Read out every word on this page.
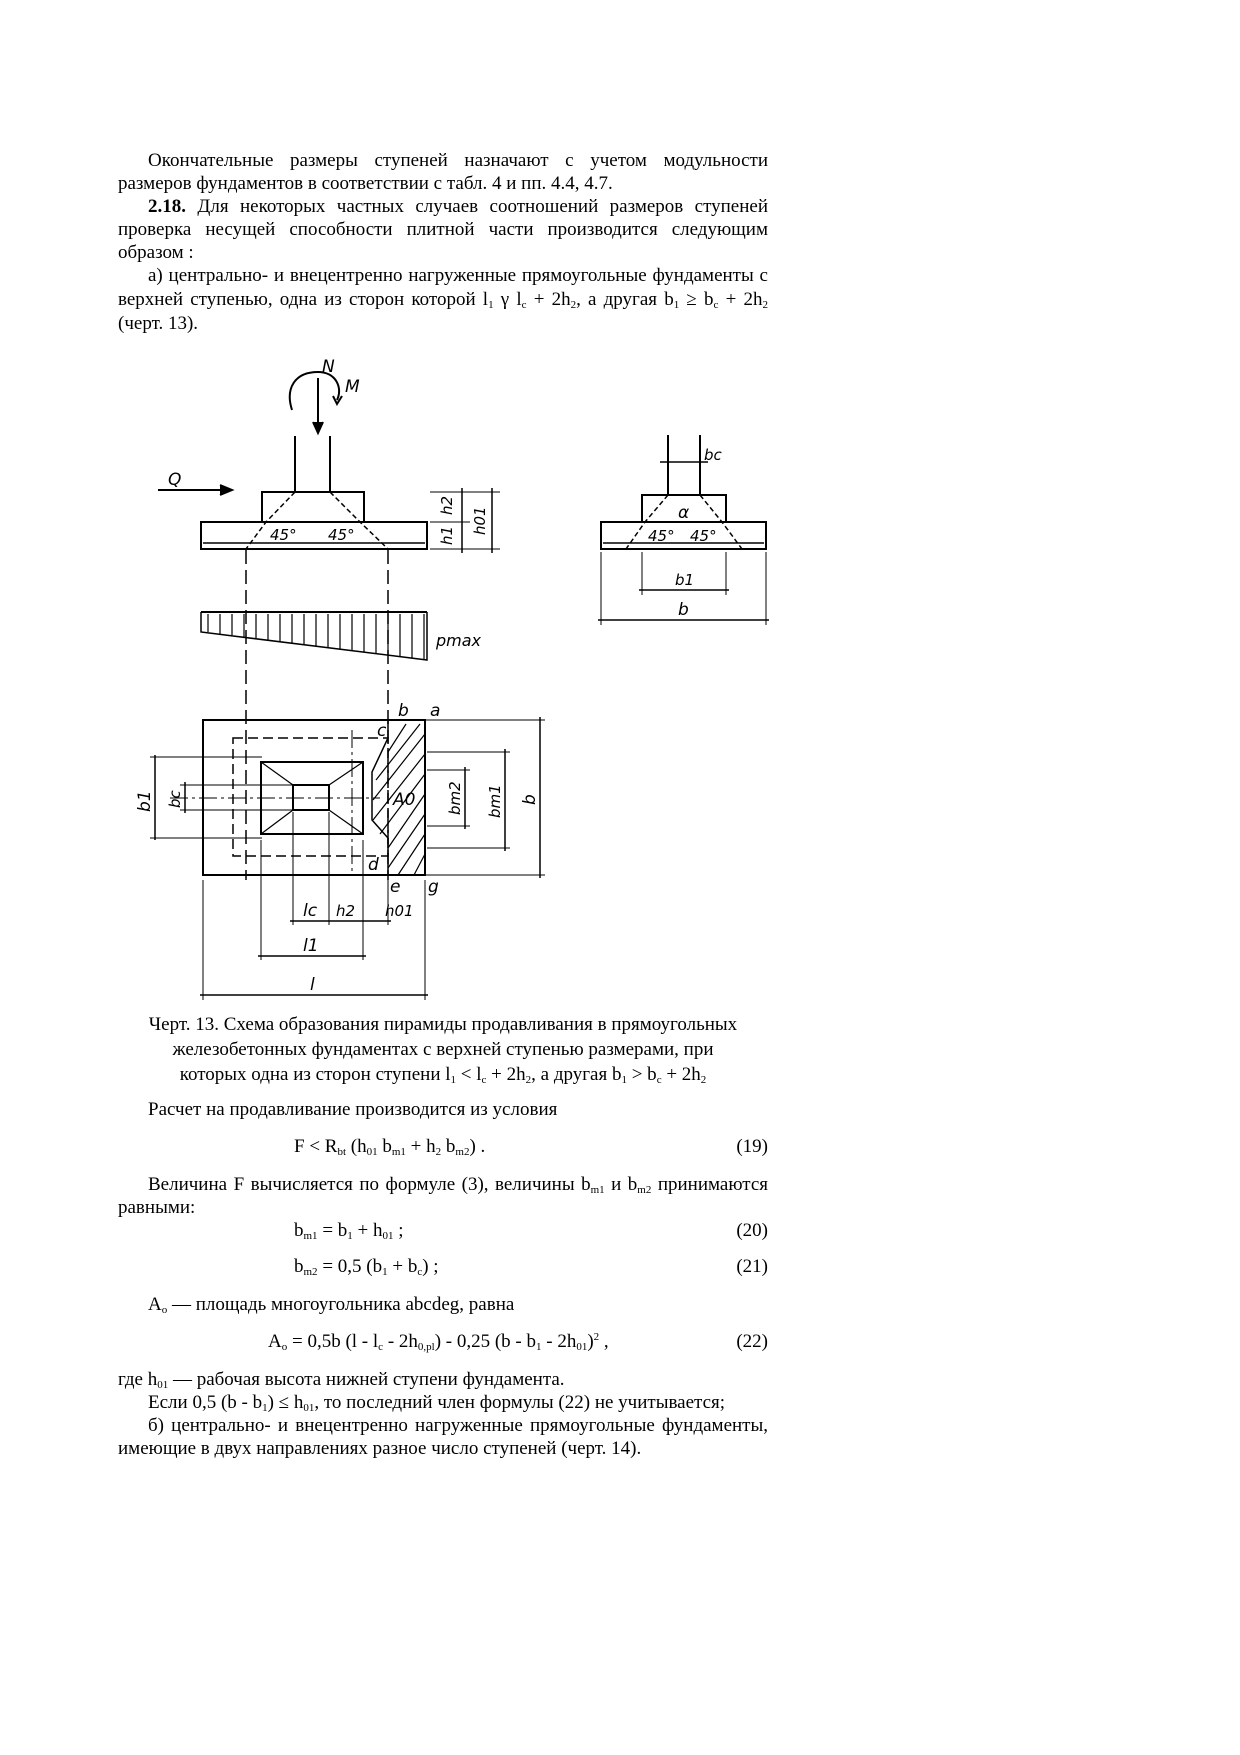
Окончательные размеры ступеней назначают с учетом модульности размеров фундаментов в соответствии с табл. 4 и пп. 4.4, 4.7.

2.18. Для некоторых частных случаев соотношений размеров ступеней проверка несущей способности плитной части производится следующим образом :

а) центрально- и внецентренно нагруженные прямоугольные фундаменты с верхней ступенью, одна из сторон которой $l_1$ γ $l_c + 2h_2$, а другая $b_1 \ge b_c + 2h_2$ (черт. 13).

N
M
Q
45° 45°
h2
h1
h01
pmax
b a
c
d
e g
A0 bm2 bm1 b
b1 bc
lc h2 h01
l1
l
bc
α
45° 45°
b1
b
Черт. 13. Схема образования пирамиды продавливания в прямоугольных
железобетонных фундаментах с верхней ступенью размерами, при
которых одна из сторон ступени $l_1 < l_c + 2h_2$, а другая $b_1 > b_c + 2h_2$

Расчет на продавливание производится из условия

$F < R_{bt}$ ($h_{01}$ $b_{m1} + h_2$ $b_{m2}$) .	(19)

Величина F вычисляется по формуле (3), величины $b_{m1}$ и $b_{m2}$ принимаются равными:

$b_{m1} = b_1 + h_{01}$ ;	(20)
$b_{m2} = 0,5$ $(b_1 + b_c)$ ;	(21)

$A_o$ — площадь многоугольника abcdeg, равна

$A_o = 0,5b$ $(l - l_c - 2h_{0,pl}) - 0,25$ $(b - b_1 - 2h_{01})^2$ ,	(22)

где $h_{01}$ — рабочая высота нижней ступени фундамента.

Если 0,5 $(b - b_1) \le h_{01}$, то последний член формулы (22) не учитывается;

б) центрально- и внецентренно нагруженные прямоугольные фундаменты, имеющие в двух направлениях разное число ступеней (черт. 14).
